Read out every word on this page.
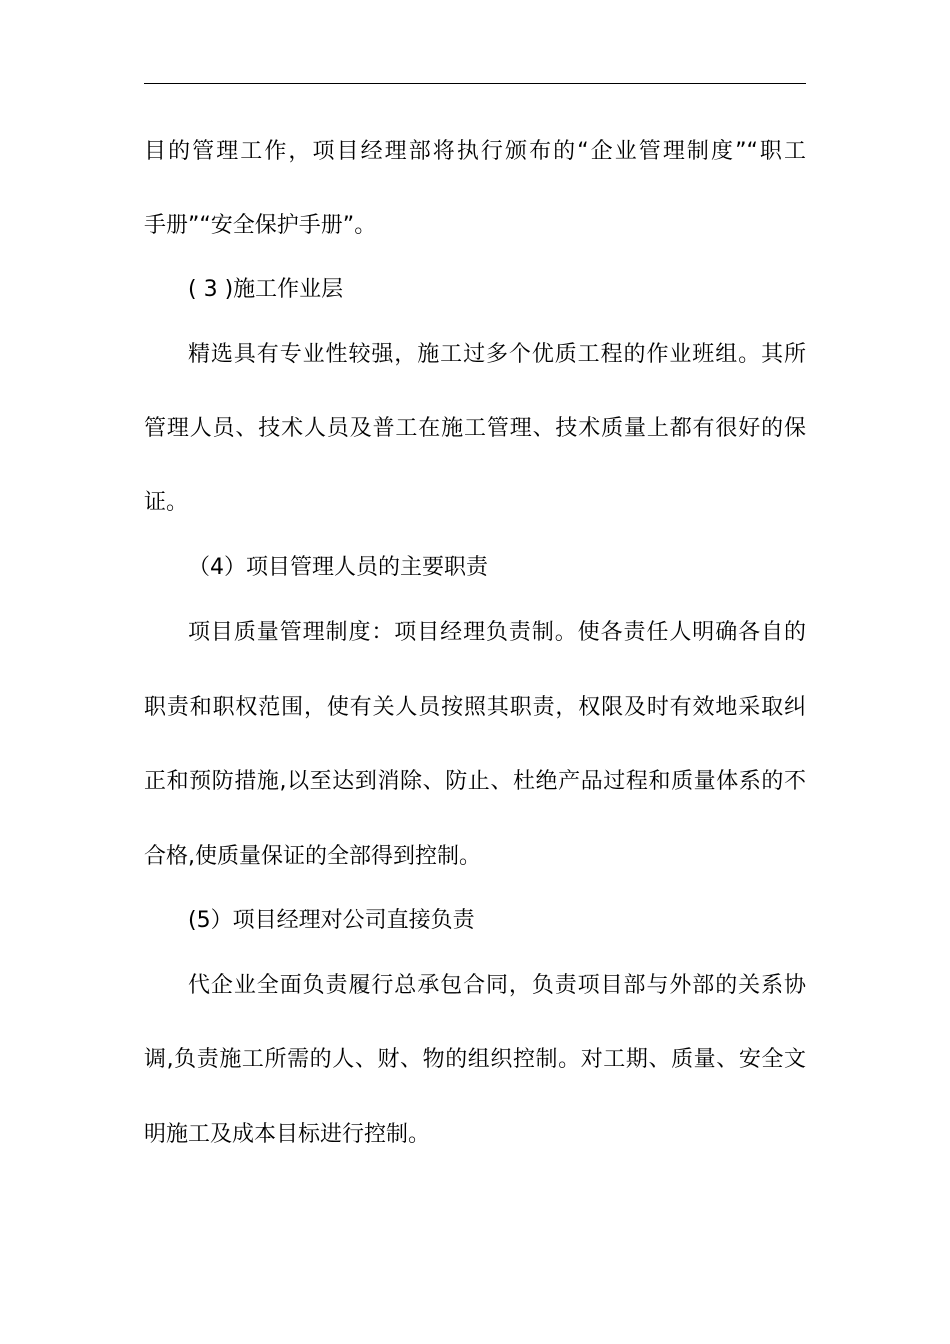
目的管理工作，项目经理部将执行颁布的“企业管理制度”“职工
手册”“安全保护手册”。
( 3 )施工作业层
精选具有专业性较强，施工过多个优质工程的作业班组。其所
管理人员、技术人员及普工在施工管理、技术质量上都有很好的保
证。
（4）项目管理人员的主要职责
项目质量管理制度：项目经理负责制。使各责任人明确各自的
职责和职权范围，使有关人员按照其职责，权限及时有效地采取纠
正和预防措施,以至达到消除、防止、杜绝产品过程和质量体系的不
合格,使质量保证的全部得到控制。
(5）项目经理对公司直接负责
代企业全面负责履行总承包合同，负责项目部与外部的关系协
调,负责施工所需的人、财、物的组织控制。对工期、质量、安全文
明施工及成本目标进行控制。
